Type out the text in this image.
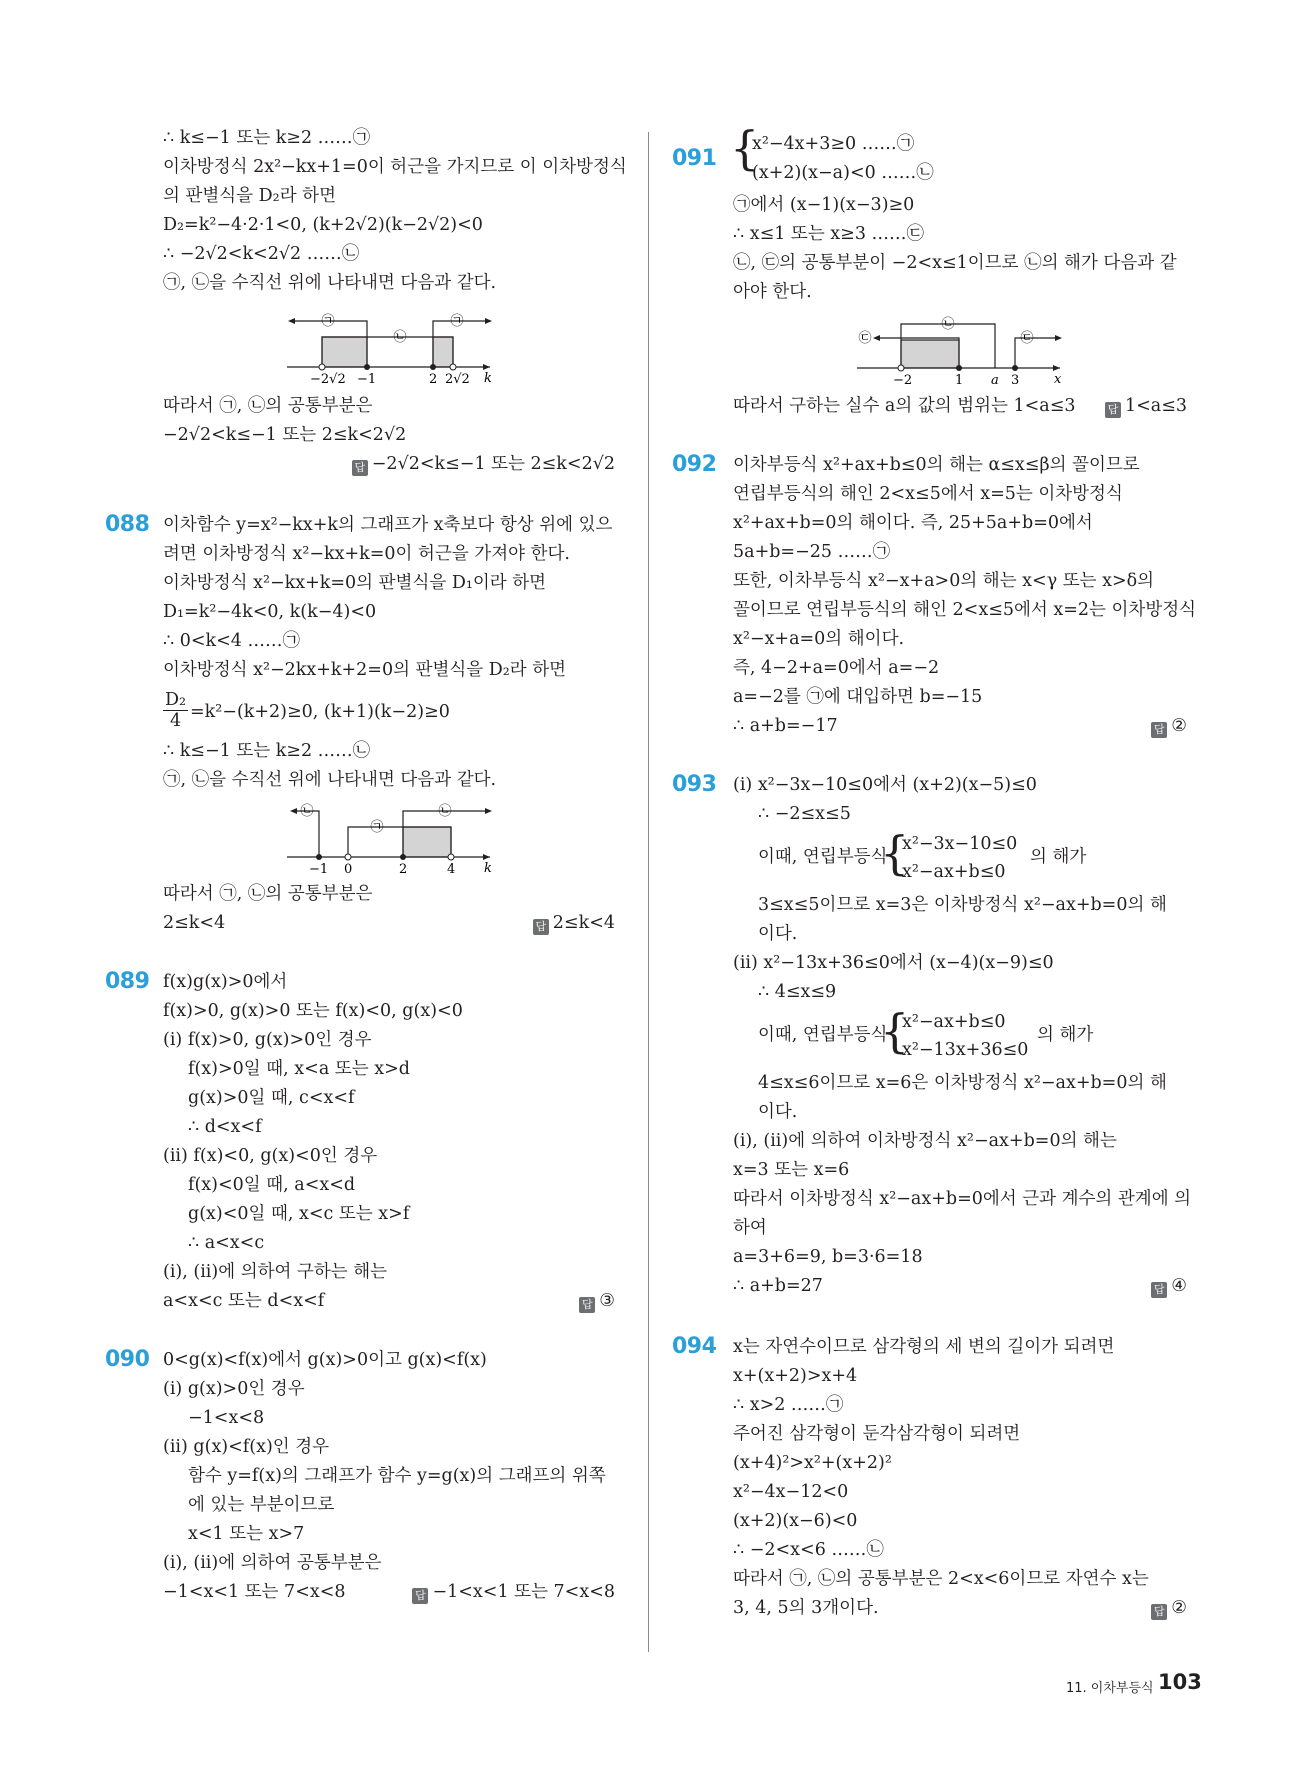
∴ k≤−1 또는 k≥2 ……㉠
이차방정식 2x²−kx+1=0이 허근을 가지므로 이 이차방정식
의 판별식을 D₂라 하면
D₂=k²−4·2·1<0, (k+2√2)(k−2√2)<0
∴ −2√2<k<2√2 ……㉡
㉠, ㉡을 수직선 위에 나타내면 다음과 같다.
㉠
㉡
㉠
−2√2 −1	2 2√2 k
따라서 ㉠, ㉡의 공통부분은
−2√2<k≤−1 또는 2≤k<2√2
답 −2√2<k≤−1 또는 2≤k<2√2
088 이차함수 y=x²−kx+k의 그래프가 x축보다 항상 위에 있으
려면 이차방정식 x²−kx+k=0이 허근을 가져야 한다.
이차방정식 x²−kx+k=0의 판별식을 D₁이라 하면
D₁=k²−4k<0, k(k−4)<0
∴ 0<k<4 ……㉠
이차방정식 x²−2kx+k+2=0의 판별식을 D₂라 하면
$\frac{\text{D₂}}{4} =k^2-(k+2)\ge 0$, (k+1)(k−2)≥0
∴ k≤−1 또는 k≥2 ……㉡
㉠, ㉡을 수직선 위에 나타내면 다음과 같다.
㉡
㉠
㉡
−1 0	2	4 k
따라서 ㉠, ㉡의 공통부분은
2≤k<4	답 2≤k<4
089 f(x)g(x)>0에서
f(x)>0, g(x)>0 또는 f(x)<0, g(x)<0
(i) f(x)>0, g(x)>0인 경우
f(x)>0일 때, x<a 또는 x>d
g(x)>0일 때, c<x<f
∴ d<x<f
(ii) f(x)<0, g(x)<0인 경우
f(x)<0일 때, a<x<d
g(x)<0일 때, x<c 또는 x>f
∴ a<x<c
(i), (ii)에 의하여 구하는 해는
a<x<c 또는 d<x<f	답 ③
090 0<g(x)<f(x)에서 g(x)>0이고 g(x)<f(x)
(i) g(x)>0인 경우
−1<x<8
(ii) g(x)<f(x)인 경우
함수 y=f(x)의 그래프가 함수 y=g(x)의 그래프의 위쪽
에 있는 부분이므로
x<1 또는 x>7
(i), (ii)에 의하여 공통부분은
−1<x<1 또는 7<x<8	답 −1<x<1 또는 7<x<8
091 {
x²−4x+3≥0 ……㉠
(x+2)(x−a)<0 ……㉡
㉠에서 (x−1)(x−3)≥0
∴ x≤1 또는 x≥3 ……㉢
㉡, ㉢의 공통부분이 −2<x≤1이므로 ㉡의 해가 다음과 같
아야 한다.
㉢
㉡
㉢
−2	1 a 3	x
따라서 구하는 실수 a의 값의 범위는 1<a≤3	답 1<a≤3
092 이차부등식 x²+ax+b≤0의 해는 α≤x≤β의 꼴이므로
연립부등식의 해인 2<x≤5에서 x=5는 이차방정식
x²+ax+b=0의 해이다. 즉, 25+5a+b=0에서
5a+b=−25 ……㉠
또한, 이차부등식 x²−x+a>0의 해는 x<γ 또는 x>δ의
꼴이므로 연립부등식의 해인 2<x≤5에서 x=2는 이차방정식
x²−x+a=0의 해이다.
즉, 4−2+a=0에서 a=−2
a=−2를 ㉠에 대입하면 b=−15
∴ a+b=−17	답 ②
093 (i) x²−3x−10≤0에서 (x+2)(x−5)≤0
∴ −2≤x≤5
이때, 연립부등식
{
x²−3x−10≤0
x²−ax+b≤0
의 해가
3≤x≤5이므로 x=3은 이차방정식 x²−ax+b=0의 해
이다.
(ii) x²−13x+36≤0에서 (x−4)(x−9)≤0
∴ 4≤x≤9
이때, 연립부등식
{
x²−ax+b≤0
x²−13x+36≤0
의 해가
4≤x≤6이므로 x=6은 이차방정식 x²−ax+b=0의 해
이다.
(i), (ii)에 의하여 이차방정식 x²−ax+b=0의 해는
x=3 또는 x=6
따라서 이차방정식 x²−ax+b=0에서 근과 계수의 관계에 의
하여
a=3+6=9, b=3·6=18
∴ a+b=27	답 ④
094 x는 자연수이므로 삼각형의 세 변의 길이가 되려면
x+(x+2)>x+4
∴ x>2 ……㉠
주어진 삼각형이 둔각삼각형이 되려면
(x+4)²>x²+(x+2)²
x²−4x−12<0
(x+2)(x−6)<0
∴ −2<x<6 ……㉡
따라서 ㉠, ㉡의 공통부분은 2<x<6이므로 자연수 x는
3, 4, 5의 3개이다.	답 ②
11. 이차부등식 103
